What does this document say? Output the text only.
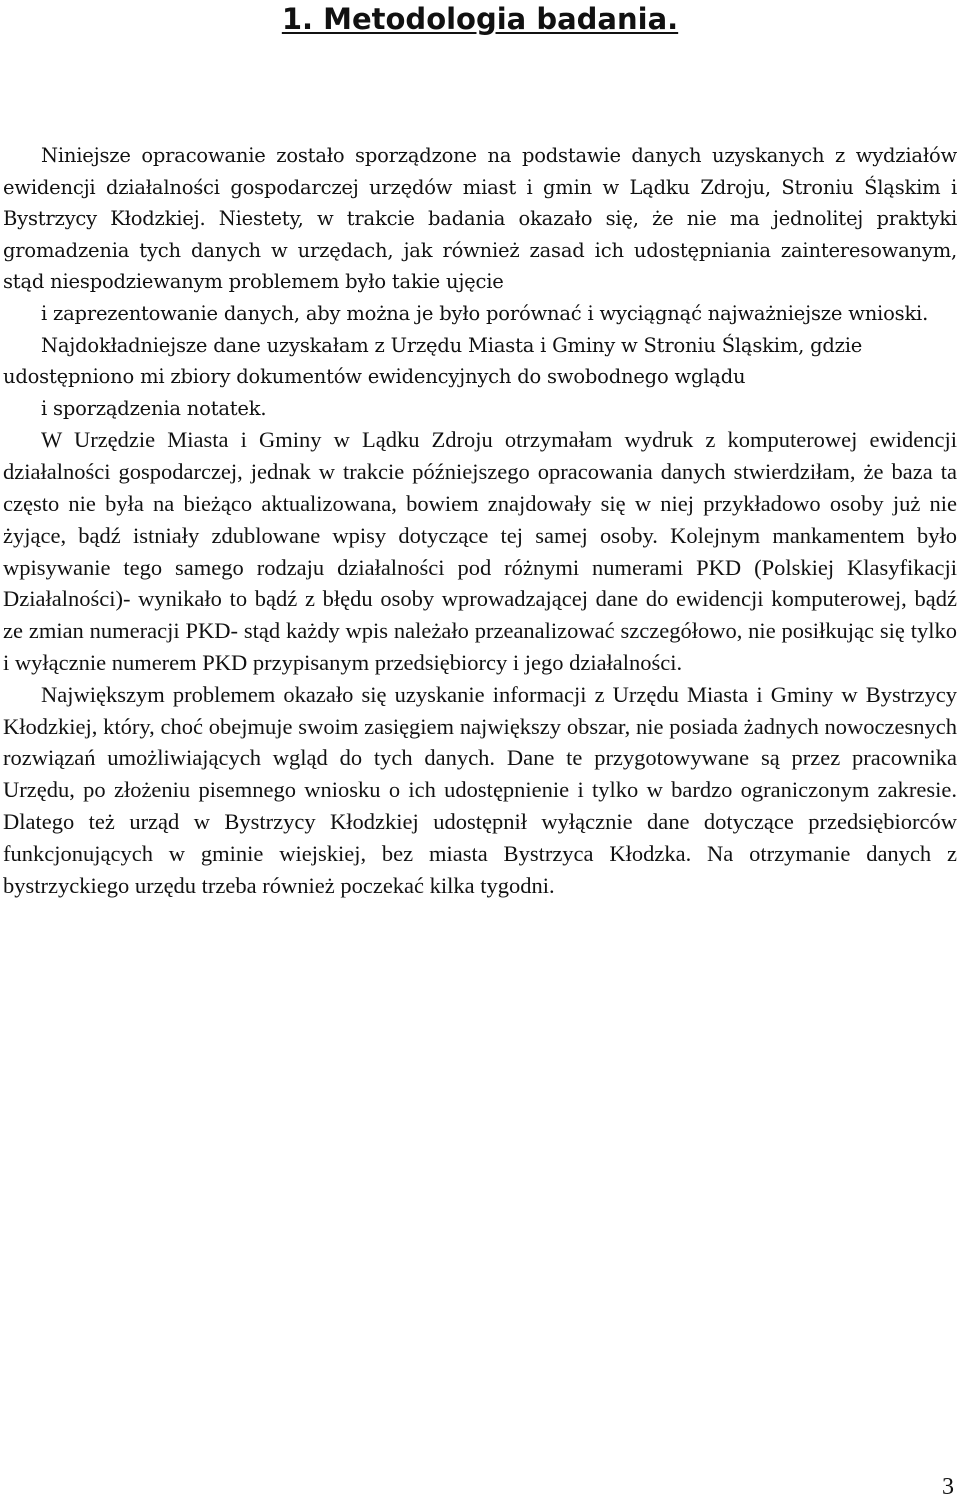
1. Metodologia badania.

Niniejsze opracowanie zostało sporządzone na podstawie danych uzyskanych z wydziałów ewidencji działalności gospodarczej urzędów miast i gmin w Lądku Zdroju, Stroniu Śląskim i Bystrzycy Kłodzkiej. Niestety, w trakcie badania okazało się, że nie ma jednolitej praktyki gromadzenia tych danych w urzędach, jak również zasad ich udostępniania zainteresowanym, stąd niespodziewanym problemem było takie ujęcie
i zaprezentowanie danych, aby można je było porównać i wyciągnąć najważniejsze wnioski.

Najdokładniejsze dane uzyskałam z Urzędu Miasta i Gminy w Stroniu Śląskim, gdzie udostępniono mi zbiory dokumentów ewidencyjnych do swobodnego wglądu
i sporządzenia notatek.

W Urzędzie Miasta i Gminy w Lądku Zdroju otrzymałam wydruk z komputerowej ewidencji działalności gospodarczej, jednak w trakcie późniejszego opracowania danych stwierdziłam, że baza ta często nie była na bieżąco aktualizowana, bowiem znajdowały się w niej przykładowo osoby już nie żyjące, bądź istniały zdublowane wpisy dotyczące tej samej osoby. Kolejnym mankamentem było wpisywanie tego samego rodzaju działalności pod różnymi numerami PKD (Polskiej Klasyfikacji Działalności)- wynikało to bądź z błędu osoby wprowadzającej dane do ewidencji komputerowej, bądź ze zmian numeracji PKD- stąd każdy wpis należało przeanalizować szczegółowo, nie posiłkując się tylko i wyłącznie numerem PKD przypisanym przedsiębiorcy i jego działalności.

Największym problemem okazało się uzyskanie informacji z Urzędu Miasta i Gminy w Bystrzycy Kłodzkiej, który, choć obejmuje swoim zasięgiem największy obszar, nie posiada żadnych nowoczesnych rozwiązań umożliwiających wgląd do tych danych. Dane te przygotowywane są przez pracownika Urzędu, po złożeniu pisemnego wniosku o ich udostępnienie i tylko w bardzo ograniczonym zakresie. Dlatego też urząd w Bystrzycy Kłodzkiej udostępnił wyłącznie dane dotyczące przedsiębiorców funkcjonujących w gminie wiejskiej, bez miasta Bystrzyca Kłodzka. Na otrzymanie danych z bystrzyckiego urzędu trzeba również poczekać kilka tygodni.

3
